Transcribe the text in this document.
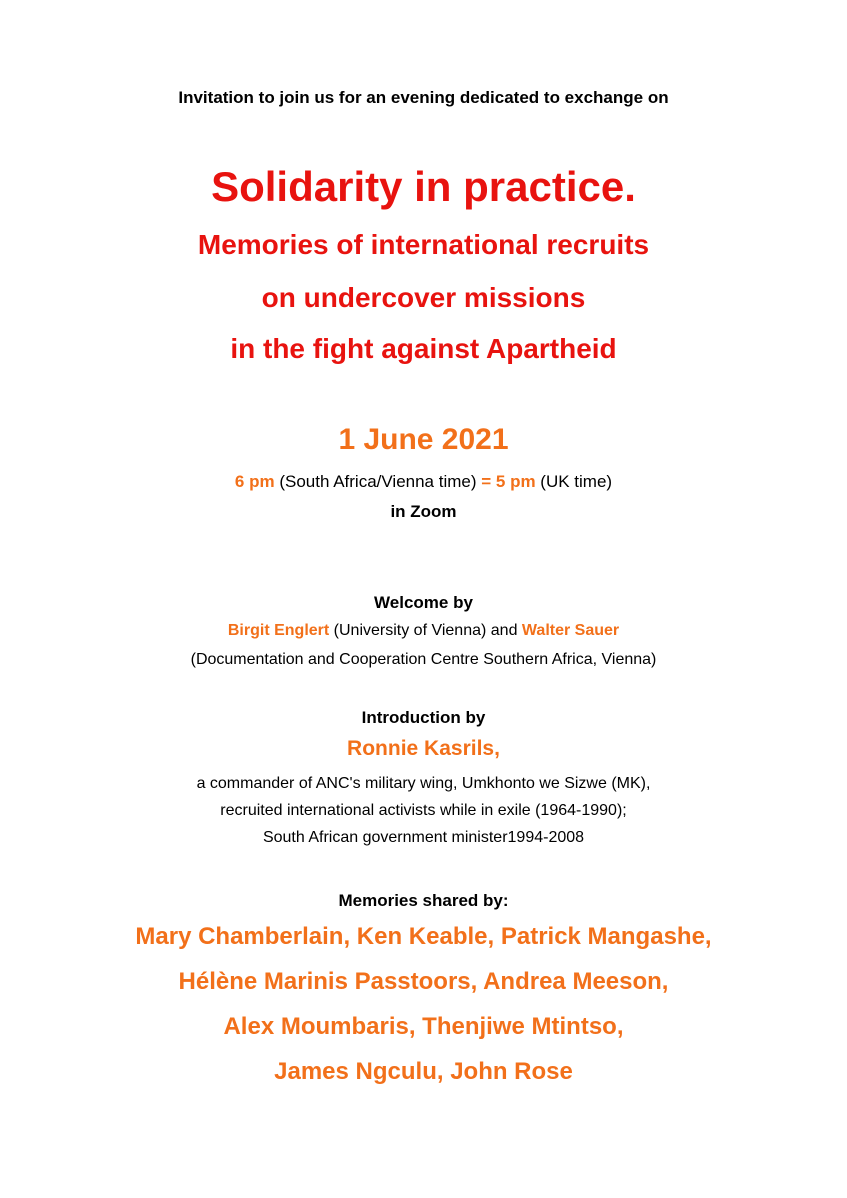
Invitation to join us for an evening dedicated to exchange on
Solidarity in practice.
Memories of international recruits
on undercover missions
in the fight against Apartheid
1 June 2021
6 pm (South Africa/Vienna time) = 5 pm (UK time)
in Zoom
Welcome by
Birgit Englert (University of Vienna) and Walter Sauer
(Documentation and Cooperation Centre Southern Africa, Vienna)
Introduction by
Ronnie Kasrils,
a commander of ANC's military wing, Umkhonto we Sizwe (MK),
recruited international activists while in exile (1964-1990);
South African government minister1994-2008
Memories shared by:
Mary Chamberlain, Ken Keable, Patrick Mangashe,
Hélène Marinis Passtoors, Andrea Meeson,
Alex Moumbaris, Thenjiwe Mtintso,
James Ngculu, John Rose
